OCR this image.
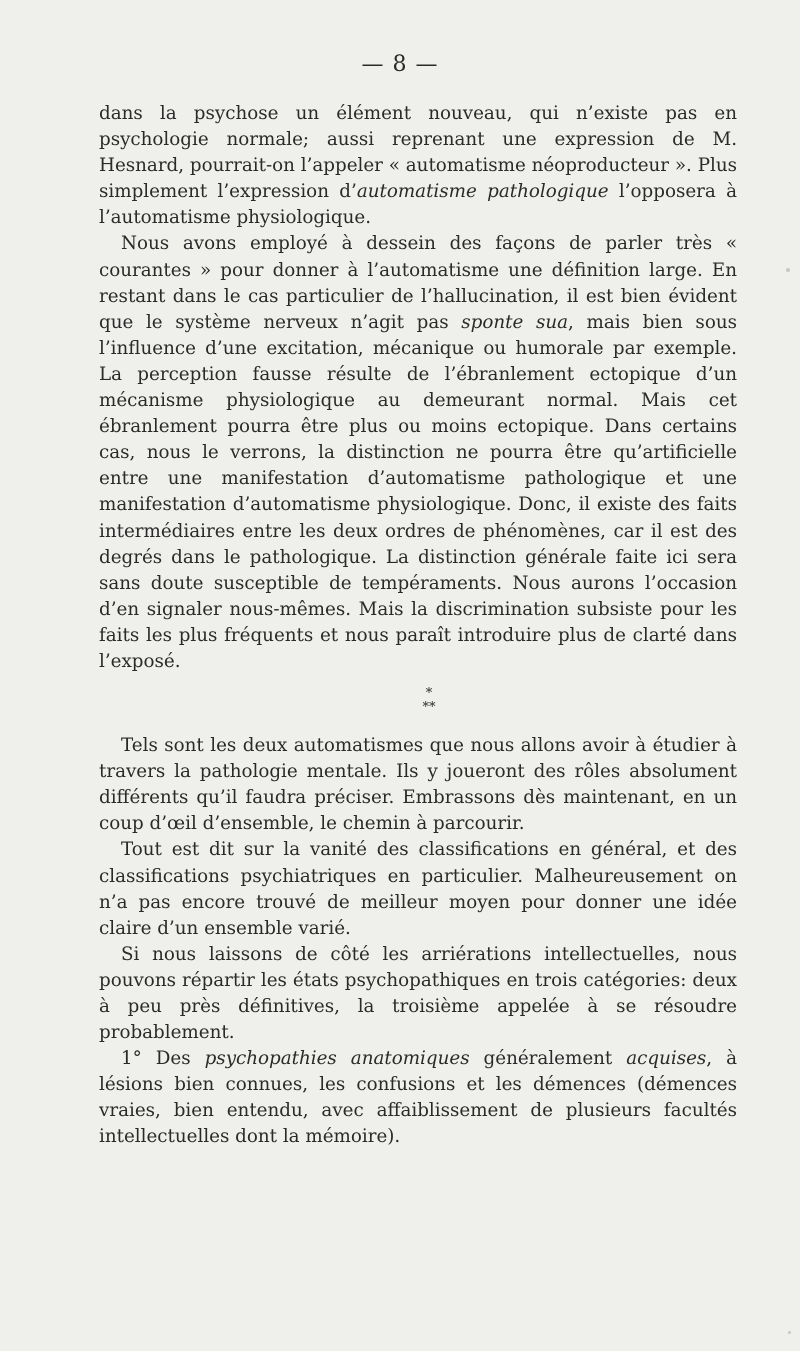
— 8 —

dans la psychose un élément nouveau, qui n’existe pas en psychologie normale; aussi reprenant une expression de M. Hesnard, pourrait-on l’appeler « automatisme néoproducteur ». Plus simplement l’expression d’automatisme pathologique l’opposera à l’automatisme physiologique.

Nous avons employé à dessein des façons de parler très « courantes » pour donner à l’automatisme une définition large. En restant dans le cas particulier de l’hallucination, il est bien évident que le système nerveux n’agit pas sponte sua, mais bien sous l’influence d’une excitation, mécanique ou humorale par exemple. La perception fausse résulte de l’ébranlement ectopique d’un mécanisme physiologique au demeurant normal. Mais cet ébranlement pourra être plus ou moins ectopique. Dans certains cas, nous le verrons, la distinction ne pourra être qu’artificielle entre une manifestation d’automatisme pathologique et une manifestation d’automatisme physiologique. Donc, il existe des faits intermédiaires entre les deux ordres de phénomènes, car il est des degrés dans le pathologique. La distinction générale faite ici sera sans doute susceptible de tempéraments. Nous aurons l’occasion d’en signaler nous-mêmes. Mais la discrimination subsiste pour les faits les plus fréquents et nous paraît introduire plus de clarté dans l’exposé.

*
**

Tels sont les deux automatismes que nous allons avoir à étudier à travers la pathologie mentale. Ils y joueront des rôles absolument différents qu’il faudra préciser. Embrassons dès maintenant, en un coup d’œil d’ensemble, le chemin à parcourir.

Tout est dit sur la vanité des classifications en général, et des classifications psychiatriques en particulier. Malheureusement on n’a pas encore trouvé de meilleur moyen pour donner une idée claire d’un ensemble varié.

Si nous laissons de côté les arriérations intellectuelles, nous pouvons répartir les états psychopathiques en trois catégories: deux à peu près définitives, la troisième appelée à se résoudre probablement.

1° Des psychopathies anatomiques généralement acquises, à lésions bien connues, les confusions et les démences (démences vraies, bien entendu, avec affaiblissement de plusieurs facultés intellectuelles dont la mémoire).
